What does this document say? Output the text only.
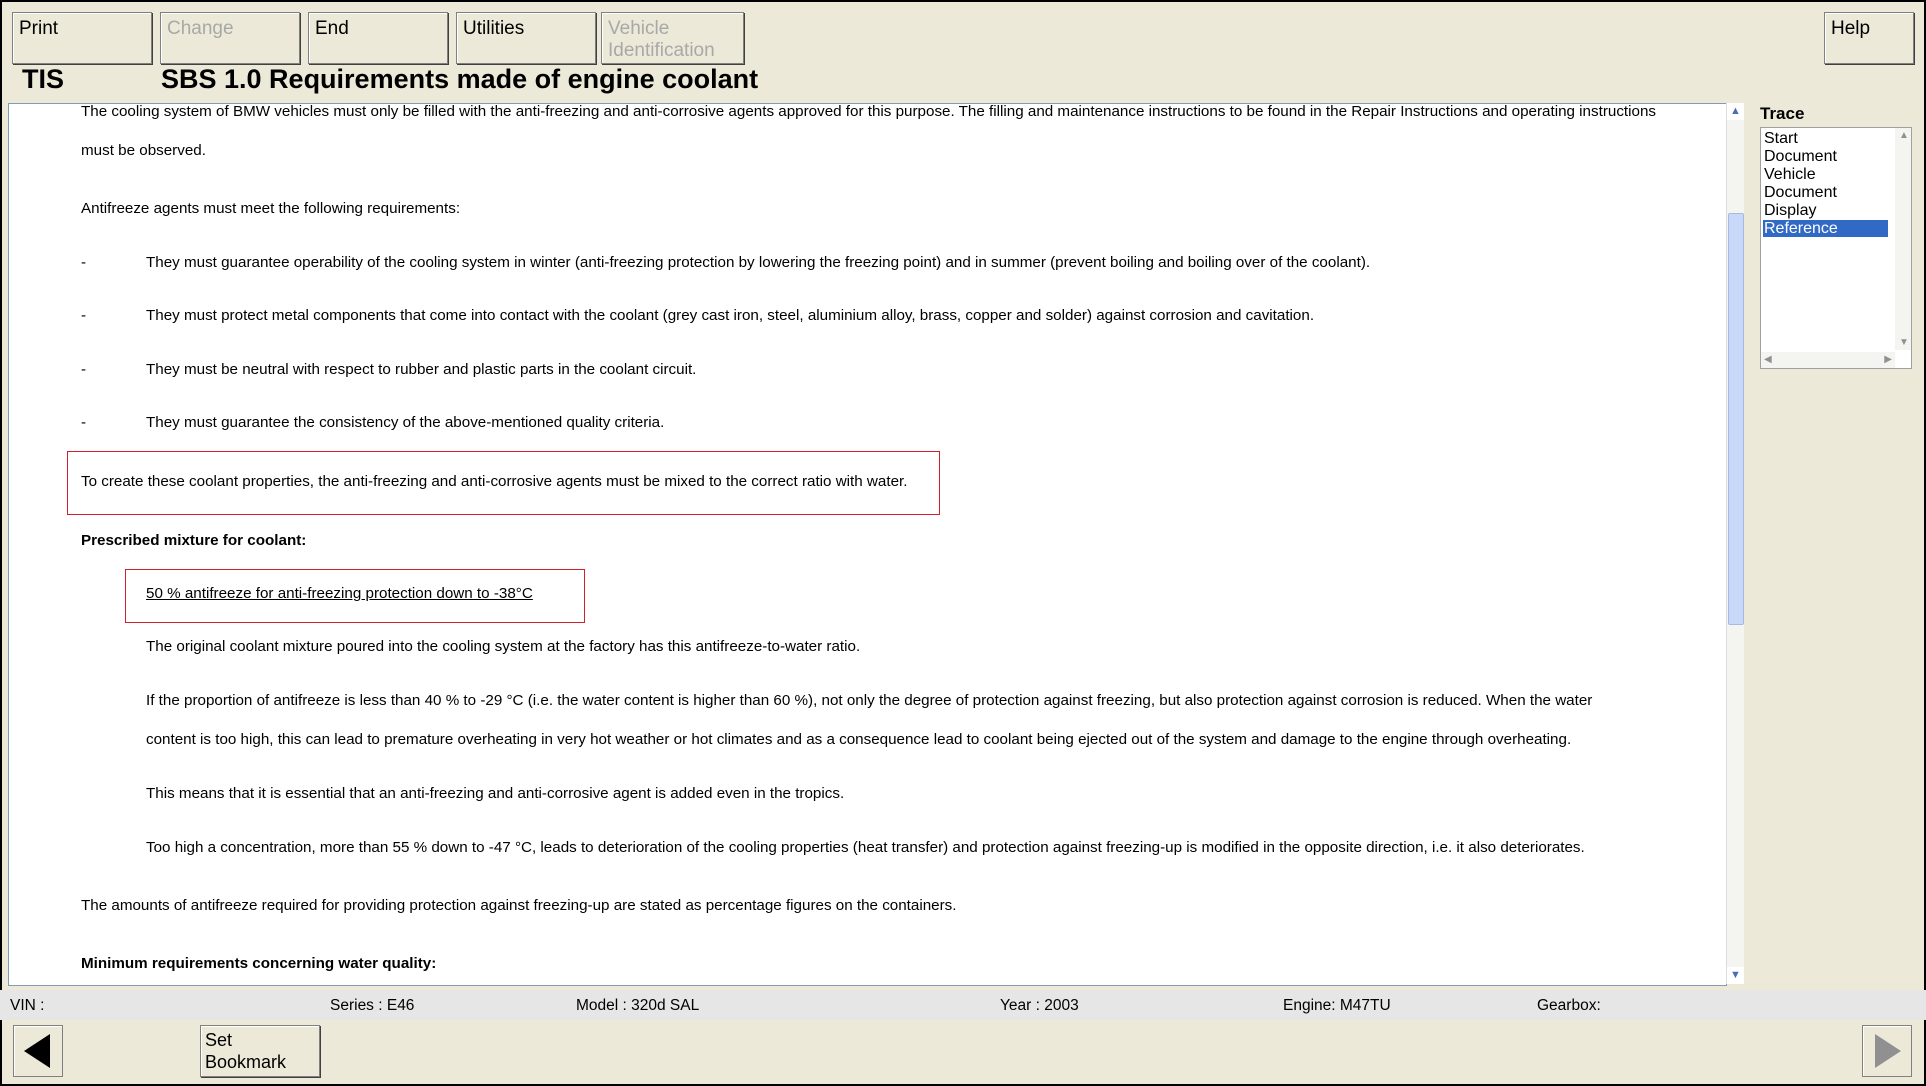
Print	Change	End	Utilities	Vehicle
Identification
Help
TIS	SBS 1.0 Requirements made of engine coolant
The cooling system of BMW vehicles must only be filled with the anti-freezing and anti-corrosive agents approved for this purpose. The filling and maintenance instructions to be found in the Repair Instructions and operating instructions
must be observed.
Antifreeze agents must meet the following requirements:
-	They must guarantee operability of the cooling system in winter (anti-freezing protection by lowering the freezing point) and in summer (prevent boiling and boiling over of the coolant).
-	They must protect metal components that come into contact with the coolant (grey cast iron, steel, aluminium alloy, brass, copper and solder) against corrosion and cavitation.
-	They must be neutral with respect to rubber and plastic parts in the coolant circuit.
-	They must guarantee the consistency of the above-mentioned quality criteria.
To create these coolant properties, the anti-freezing and anti-corrosive agents must be mixed to the correct ratio with water.
Prescribed mixture for coolant:
50 % antifreeze for anti-freezing protection down to -38°C
The original coolant mixture poured into the cooling system at the factory has this antifreeze-to-water ratio.
If the proportion of antifreeze is less than 40 % to -29 °C (i.e. the water content is higher than 60 %), not only the degree of protection against freezing, but also protection against corrosion is reduced. When the water
content is too high, this can lead to premature overheating in very hot weather or hot climates and as a consequence lead to coolant being ejected out of the system and damage to the engine through overheating.
This means that it is essential that an anti-freezing and anti-corrosive agent is added even in the tropics.
Too high a concentration, more than 55 % down to -47 °C, leads to deterioration of the cooling properties (heat transfer) and protection against freezing-up is modified in the opposite direction, i.e. it also deteriorates.
The amounts of antifreeze required for providing protection against freezing-up are stated as percentage figures on the containers.
Minimum requirements concerning water quality:
▲
▼
Trace
Start
Document
Vehicle
Document
Display
Reference
▲
▼
◀	▶
VIN :	Series : E46	Model : 320d SAL	Year : 2003	Engine: M47TU	Gearbox:
Set
Bookmark
